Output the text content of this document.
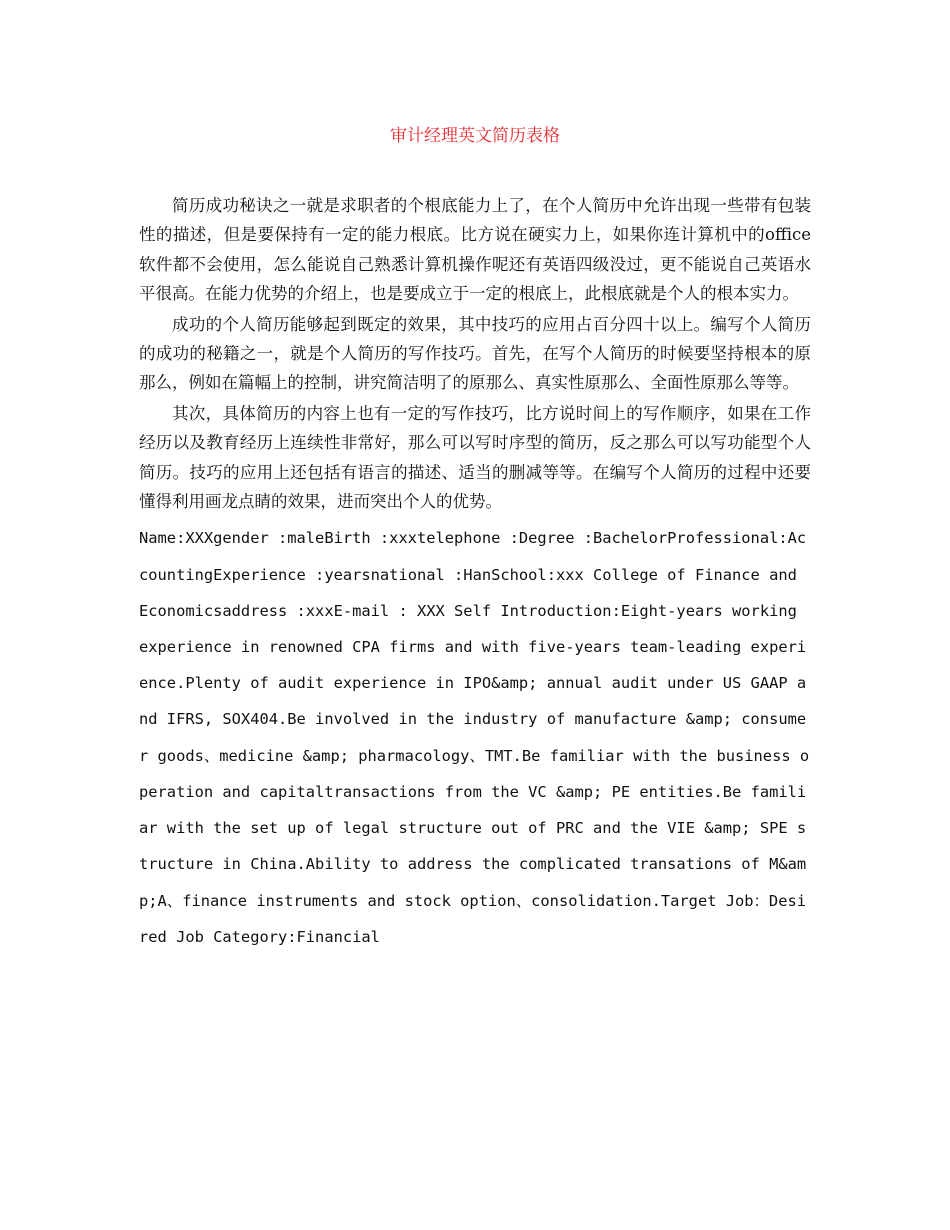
审计经理英文简历表格

简历成功秘诀之一就是求职者的个根底能力上了，在个人简历中允许出现一些带有包装性的描述，但是要保持有一定的能力根底。比方说在硬实力上，如果你连计算机中的office软件都不会使用，怎么能说自己熟悉计算机操作呢还有英语四级没过，更不能说自己英语水平很高。在能力优势的介绍上，也是要成立于一定的根底上，此根底就是个人的根本实力。

成功的个人简历能够起到既定的效果，其中技巧的应用占百分四十以上。编写个人简历的成功的秘籍之一，就是个人简历的写作技巧。首先，在写个人简历的时候要坚持根本的原那么，例如在篇幅上的控制，讲究简洁明了的原那么、真实性原那么、全面性原那么等等。

其次，具体简历的内容上也有一定的写作技巧，比方说时间上的写作顺序，如果在工作经历以及教育经历上连续性非常好，那么可以写时序型的简历，反之那么可以写功能型个人简历。技巧的应用上还包括有语言的描述、适当的删减等等。在编写个人简历的过程中还要懂得利用画龙点睛的效果，进而突出个人的优势。

Name:XXXgender :maleBirth :xxxtelephone :Degree :BachelorProfessional:AccountingExperience :yearsnational :HanSchool:xxx College of Finance and Economicsaddress :xxxE-mail : XXX Self Introduction:Eight-years working experience in renowned CPA firms and with five-years team-leading experience.Plenty of audit experience in IPO&amp; annual audit under US GAAP and IFRS, SOX404.Be involved in the industry of manufacture &amp; consumer goods、medicine &amp; pharmacology、TMT.Be familiar with the business operation and capitaltransactions from the VC &amp; PE entities.Be familiar with the set up of legal structure out of PRC and the VIE &amp; SPE structure in China.Ability to address the complicated transations of M&amp;A、finance instruments and stock option、consolidation.Target Job：Desired Job Category:Financial
